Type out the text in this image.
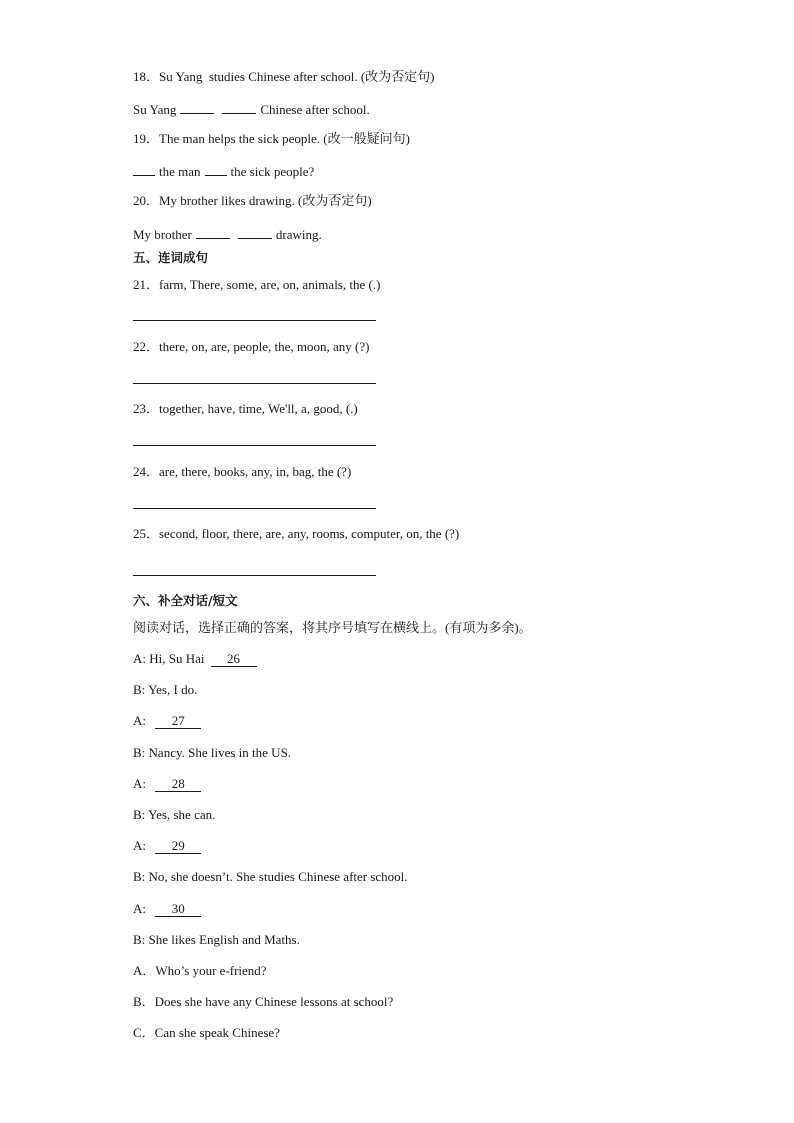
18．Su Yang  studies Chinese after school. (改为否定句)
Su Yang	Chinese after school.
19．The man helps the sick people. (改一般疑问句)
the man the sick people?
20．My brother likes drawing. (改为否定句)
My brother	drawing.
五、连词成句
21．farm, There, some, are, on, animals, the (.)
22．there, on, are, people, the, moon, any (?)
23．together, have, time, We'll, a, good, (.)
24．are, there, books, any, in, bag, the (?)
25．second, floor, there, are, any, rooms, computer, on, the (?)
六、补全对话/短文
阅读对话，选择正确的答案，将其序号填写在横线上。(有项为多余)。
A: Hi, Su Hai 26
B: Yes, I do.
A: 27
B: Nancy. She lives in the US.
A: 28
B: Yes, she can.
A: 29
B: No, she doesn’t. She studies Chinese after school.
A: 30
B: She likes English and Maths.
A．Who’s your e-friend?
B．Does she have any Chinese lessons at school?
C．Can she speak Chinese?
